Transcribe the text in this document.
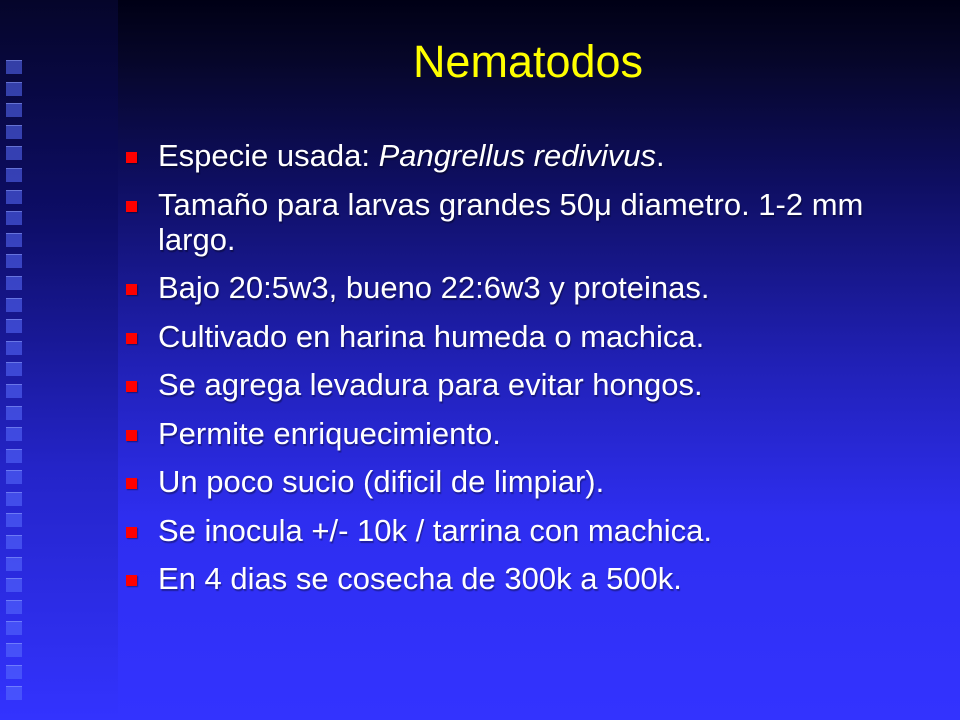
Nematodos
Especie usada: Pangrellus redivivus.
Tamaño para larvas grandes 50μ diametro. 1-2 mm largo.
Bajo 20:5w3, bueno 22:6w3 y proteinas.
Cultivado en harina humeda o machica.
Se agrega levadura para evitar hongos.
Permite enriquecimiento.
Un poco sucio (dificil de limpiar).
Se inocula +/- 10k / tarrina con machica.
En 4 dias se cosecha de 300k a 500k.
